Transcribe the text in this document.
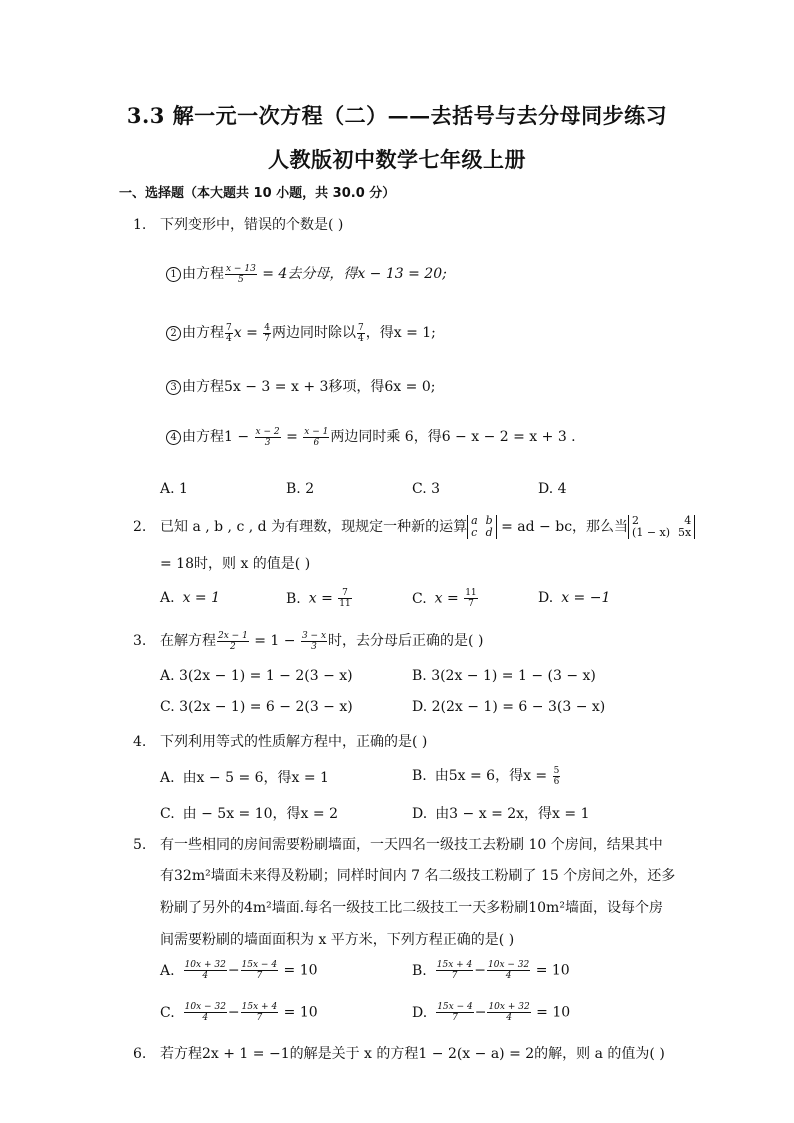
3.3 解一元一次方程（二）——去括号与去分母同步练习
人教版初中数学七年级上册
一、选择题（本大题共 10 小题，共 30.0 分）
1. 下列变形中，错误的个数是( )
1 由方程 $\frac{x - 13}{5} = 4$去分母，得x − 13 = 20;
2 由方程 $\frac{7}{4}$ $x = \frac{4}{7}$ 两边同时除以 $\frac{7}{4}$ ，得x = 1;
3 由方程5x − 3 = x + 3移项，得6x = 0;
4 由方程$1 - \frac{x - 2}{3} = \frac{x - 1}{6}$ 两边同时乘 6，得6 − x − 2 = x + 3 .
A. 1	B. 2	C. 3	D. 4
2. 已知 a , b , c , d 为有理数，现规定一种新的运算 a b
c d = ad − bc，那么当 2	4
(1 − x) 5x
= 18时，则 x 的值是( )
A. x = 1	B. $x = \frac{7}{11}$	C. $x = \frac{11}{7}$	D. x = −1
3. 在解方程 $\frac{2x - 1}{2} = 1 - \frac{3 - x}{3}$ 时，去分母后正确的是( )
A. 3(2x − 1) = 1 − 2(3 − x)	B. 3(2x − 1) = 1 − (3 − x)
C. 3(2x − 1) = 6 − 2(3 − x)	D. 2(2x − 1) = 6 − 3(3 − x)
4. 下列利用等式的性质解方程中，正确的是( )
A. 由x − 5 = 6，得x = 1	B. 由5x = 6，得$x = \frac{5}{6}$
C. 由 − 5x = 10，得x = 2	D. 由3 − x = 2x，得x = 1
5. 有一些相同的房间需要粉刷墙面，一天四名一级技工去粉刷 10 个房间，结果其中
有32m²墙面未来得及粉刷；同样时间内 7 名二级技工粉刷了 15 个房间之外，还多
粉刷了另外的4m²墙面.每名一级技工比二级技工一天多粉刷10m²墙面，设每个房
间需要粉刷的墙面面积为 x 平方米，下列方程正确的是( )
A. $\frac{10x + 32}{4} - \frac{15x - 4}{7} = 10$	B. $\frac{15x + 4}{7} - \frac{10x - 32}{4} = 10$
C. $\frac{10x - 32}{4} - \frac{15x + 4}{7} = 10$	D. $\frac{15x - 4}{7} - \frac{10x + 32}{4} = 10$
6. 若方程2x + 1 = −1的解是关于 x 的方程1 − 2(x − a) = 2的解，则 a 的值为( )
